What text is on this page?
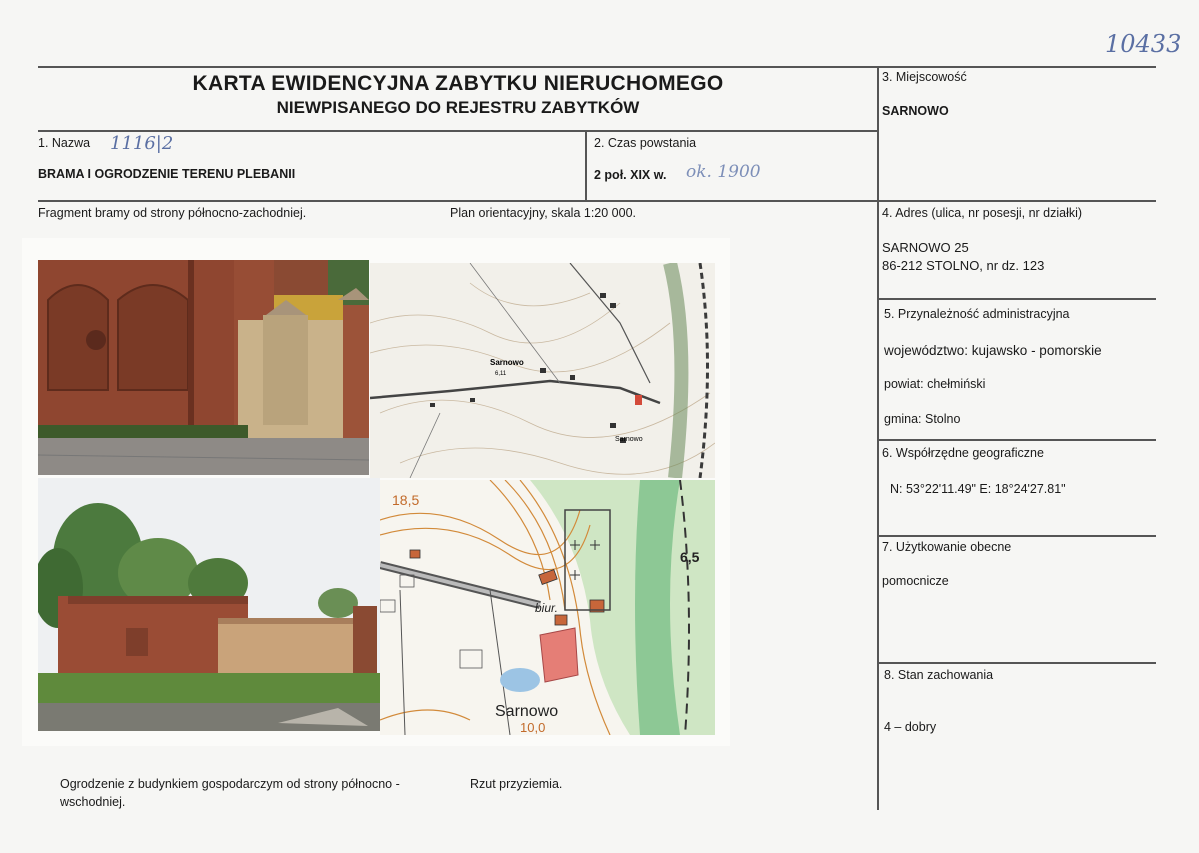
10433
KARTA EWIDENCYJNA ZABYTKU NIERUCHOMEGO
NIEWPISANEGO DO REJESTRU ZABYTKÓW
1. Nazwa 1116|2
BRAMA I OGRODZENIE TERENU PLEBANII
2. Czas powstania
2 poł. XIX w. ok. 1900
3. Miejscowość
SARNOWO
Fragment bramy od strony północno-zachodniej.	Plan orientacyjny, skala 1:20 000.	4. Adres (ulica, nr posesji, nr działki)
SARNOWO 25
86-212 STOLNO, nr dz. 123
5. Przynależność administracyjna
województwo: kujawsko - pomorskie
powiat: chełmiński
gmina: Stolno
6. Współrzędne geograficzne
N: 53°22'11.49" E: 18°24'27.81"
7. Użytkowanie obecne
pomocnicze
8. Stan zachowania
4 – dobry
Sarnowo
6,11
Sarnowo
18,5
6,5
biur.
Sarnowo
10,0
Ogrodzenie z budynkiem gospodarczym od strony północno -
wschodniej.
Rzut przyziemia.
